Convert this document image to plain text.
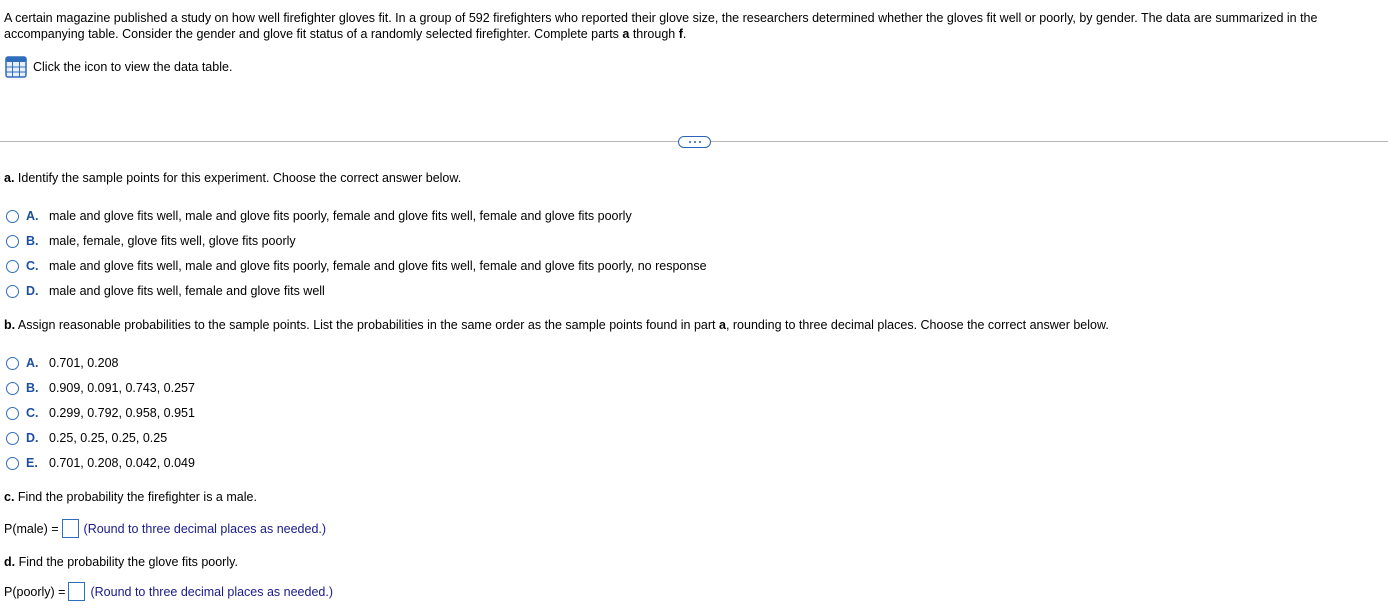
A certain magazine published a study on how well firefighter gloves fit. In a group of 592 firefighters who reported their glove size, the researchers determined whether the gloves fit well or poorly, by gender. The data are summarized in the accompanying table. Consider the gender and glove fit status of a randomly selected firefighter. Complete parts a through f.
Click the icon to view the data table.
a. Identify the sample points for this experiment. Choose the correct answer below.
A. male and glove fits well, male and glove fits poorly, female and glove fits well, female and glove fits poorly
B. male, female, glove fits well, glove fits poorly
C. male and glove fits well, male and glove fits poorly, female and glove fits well, female and glove fits poorly, no response
D. male and glove fits well, female and glove fits well
b. Assign reasonable probabilities to the sample points. List the probabilities in the same order as the sample points found in part a, rounding to three decimal places. Choose the correct answer below.
A. 0.701, 0.208
B. 0.909, 0.091, 0.743, 0.257
C. 0.299, 0.792, 0.958, 0.951
D. 0.25, 0.25, 0.25, 0.25
E. 0.701, 0.208, 0.042, 0.049
c. Find the probability the firefighter is a male.
P(male) = (Round to three decimal places as needed.)
d. Find the probability the glove fits poorly.
P(poorly) = (Round to three decimal places as needed.)
